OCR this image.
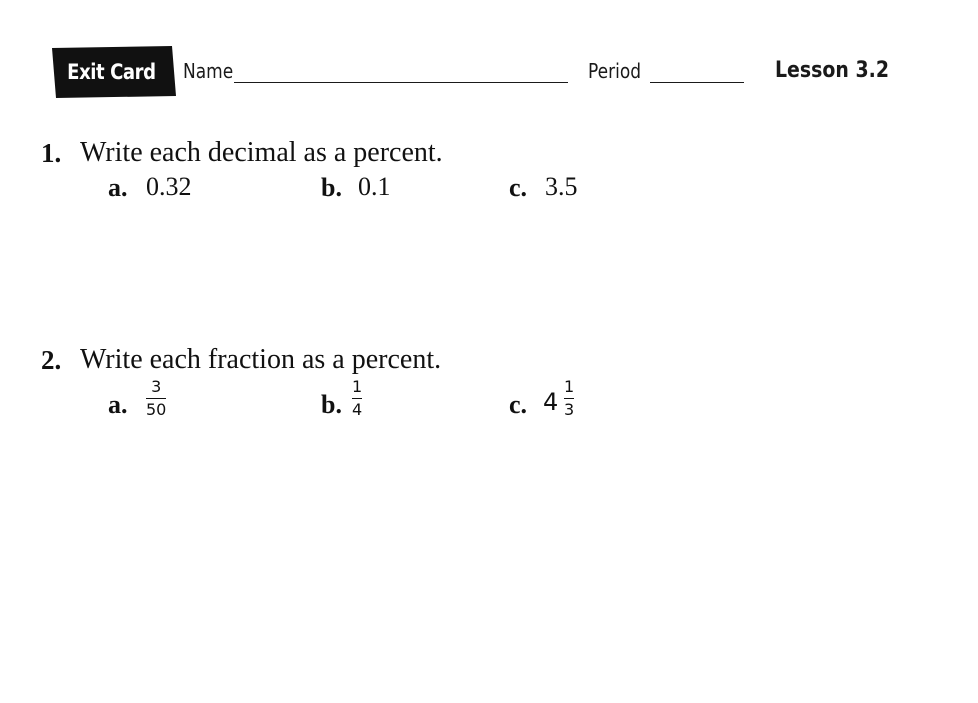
Exit Card	Name	Period	Lesson 3.2
1. Write each decimal as a percent.
a. 0.32	b. 0.1	c. 3.5
2. Write each fraction as a percent.
a.
3
50	b.
1
4	c. 4
1
3
